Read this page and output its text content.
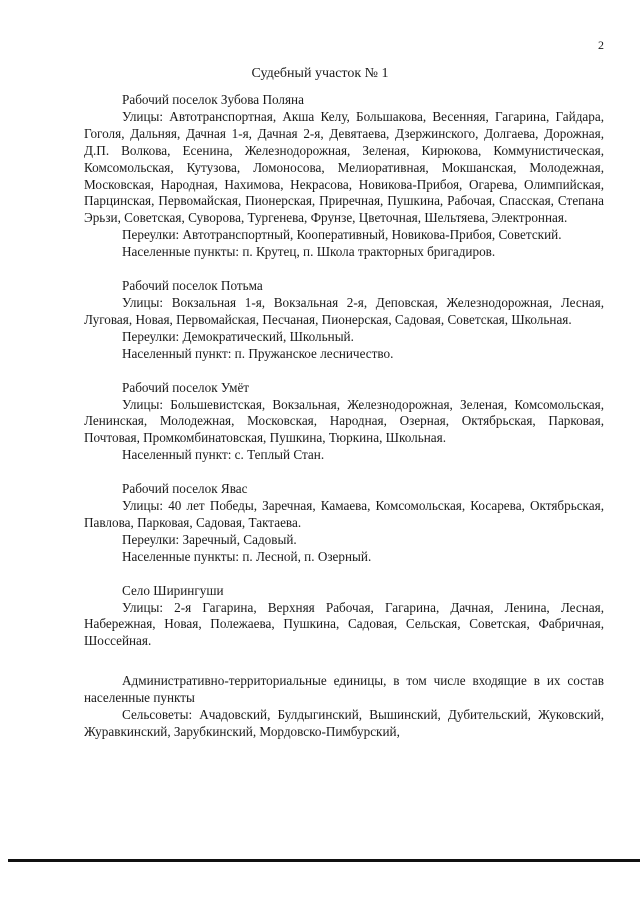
2
Судебный участок № 1
Рабочий поселок Зубова Поляна

Улицы: Автотранспортная, Акша Келу, Большакова, Весенняя, Гагарина, Гайдара, Гоголя, Дальняя, Дачная 1-я, Дачная 2-я, Девятаева, Дзержинского, Долгаева, Дорожная, Д.П. Волкова, Есенина, Железнодорожная, Зеленая, Кирюкова, Коммунистическая, Комсомольская, Кутузова, Ломоносова, Мелиоративная, Мокшанская, Молодежная, Московская, Народная, Нахимова, Некрасова, Новикова-Прибоя, Огарева, Олимпийская, Парцинская, Первомайская, Пионерская, Приречная, Пушкина, Рабочая, Спасская, Степана Эрьзи, Советская, Суворова, Тургенева, Фрунзе, Цветочная, Шельтяева, Электронная.

Переулки: Автотранспортный, Кооперативный, Новикова-Прибоя, Советский.

Населенные пункты: п. Крутец, п. Школа тракторных бригадиров.

Рабочий поселок Потьма

Улицы: Вокзальная 1-я, Вокзальная 2-я, Деповская, Железнодорожная, Лесная, Луговая, Новая, Первомайская, Песчаная, Пионерская, Садовая, Советская, Школьная.

Переулки: Демократический, Школьный.

Населенный пункт: п. Пружанское лесничество.

Рабочий поселок Умёт

Улицы: Большевистская, Вокзальная, Железнодорожная, Зеленая, Комсомольская, Ленинская, Молодежная, Московская, Народная, Озерная, Октябрьская, Парковая, Почтовая, Промкомбинатовская, Пушкина, Тюркина, Школьная.

Населенный пункт: с. Теплый Стан.

Рабочий поселок Явас

Улицы: 40 лет Победы, Заречная, Камаева, Комсомольская, Косарева, Октябрьская, Павлова, Парковая, Садовая, Тактаева.

Переулки: Заречный, Садовый.

Населенные пункты: п. Лесной, п. Озерный.

Село Ширингуши

Улицы: 2-я Гагарина, Верхняя Рабочая, Гагарина, Дачная, Ленина, Лесная, Набережная, Новая, Полежаева, Пушкина, Садовая, Сельская, Советская, Фабричная, Шоссейная.

Административно-территориальные единицы, в том числе входящие в их состав населенные пункты

Сельсоветы: Ачадовский, Булдыгинский, Вышинский, Дубительский, Жуковский, Журавкинский, Зарубкинский, Мордовско-Пимбурский,
